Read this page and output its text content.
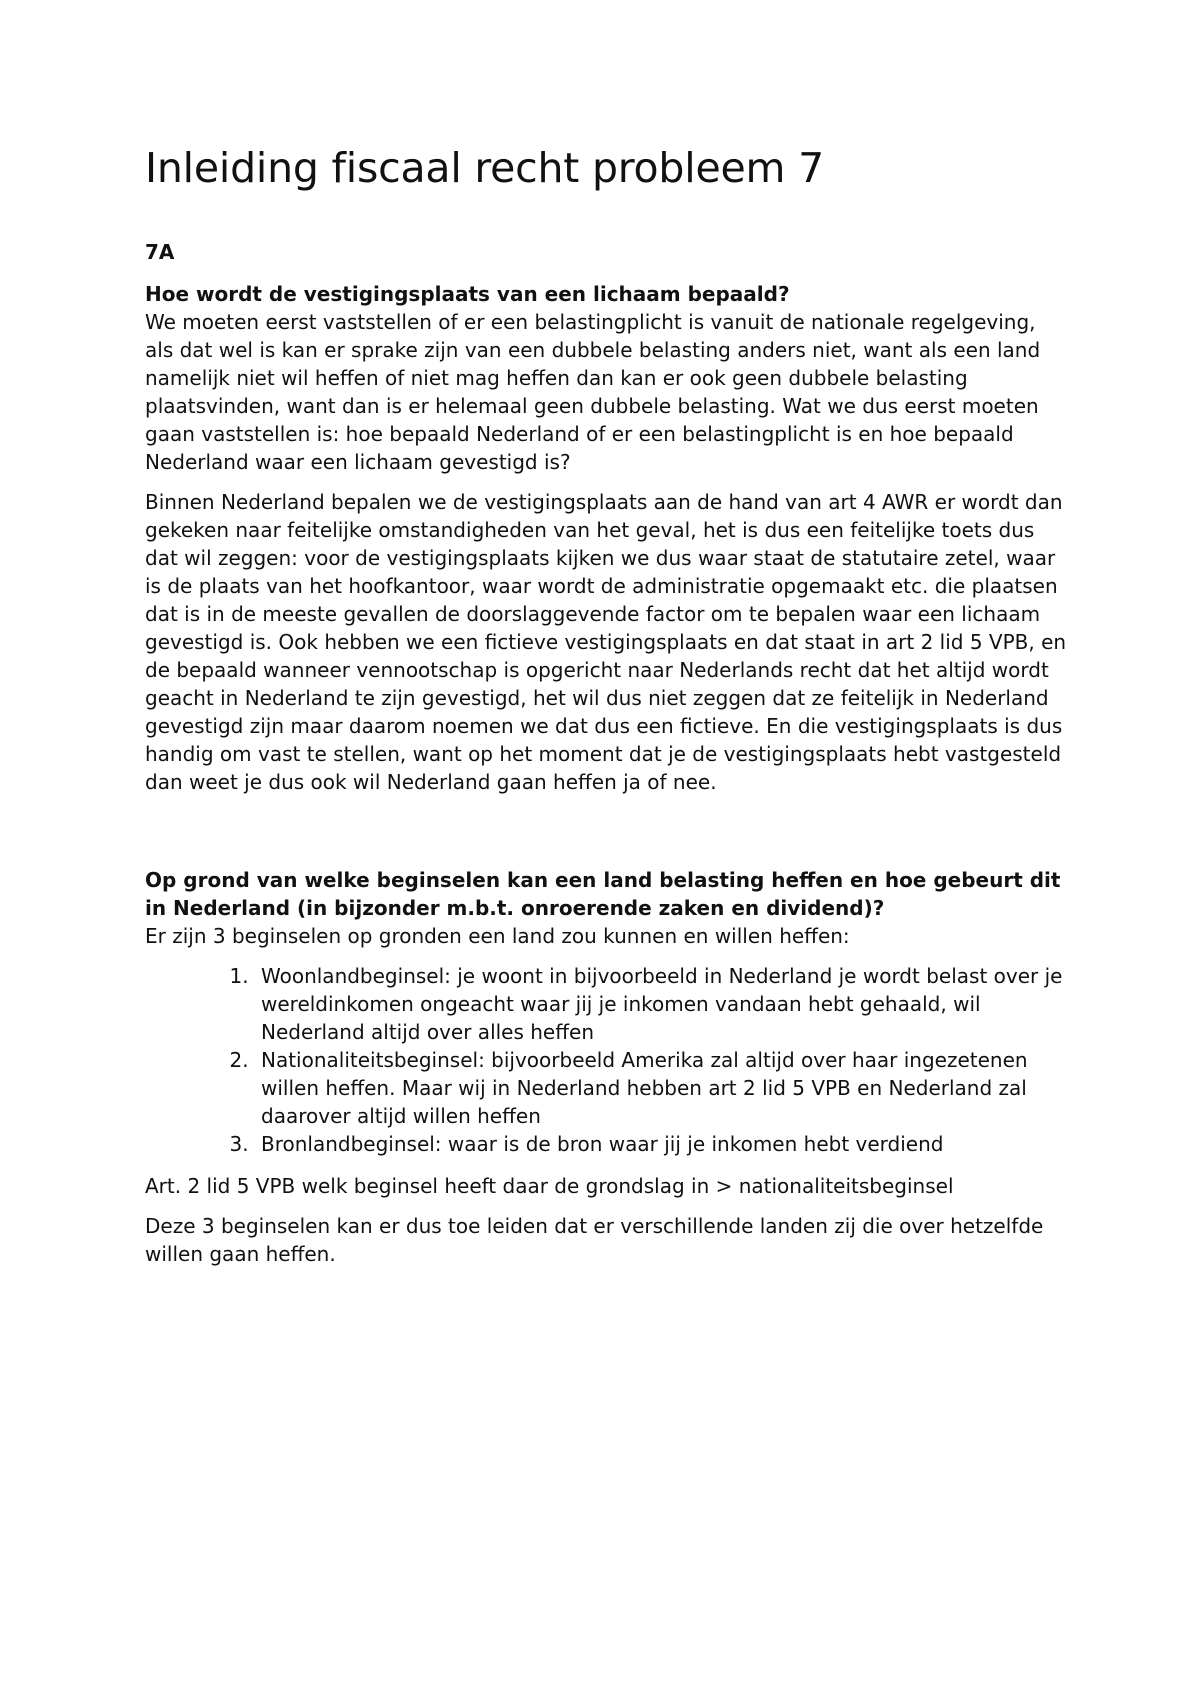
Inleiding fiscaal recht probleem 7
7A
Hoe wordt de vestigingsplaats van een lichaam bepaald?

We moeten eerst vaststellen of er een belastingplicht is vanuit de nationale regelgeving, als dat wel is kan er sprake zijn van een dubbele belasting anders niet, want als een land namelijk niet wil heffen of niet mag heffen dan kan er ook geen dubbele belasting plaatsvinden, want dan is er helemaal geen dubbele belasting. Wat we dus eerst moeten gaan vaststellen is: hoe bepaald Nederland of er een belastingplicht is en hoe bepaald Nederland waar een lichaam gevestigd is?

Binnen Nederland bepalen we de vestigingsplaats aan de hand van art 4 AWR er wordt dan gekeken naar feitelijke omstandigheden van het geval, het is dus een feitelijke toets dus dat wil zeggen: voor de vestigingsplaats kijken we dus waar staat de statutaire zetel, waar is de plaats van het hoofkantoor, waar wordt de administratie opgemaakt etc. die plaatsen dat is in de meeste gevallen de doorslaggevende factor om te bepalen waar een lichaam gevestigd is. Ook hebben we een fictieve vestigingsplaats en dat staat in art 2 lid 5 VPB, en de bepaald wanneer vennootschap is opgericht naar Nederlands recht dat het altijd wordt geacht in Nederland te zijn gevestigd, het wil dus niet zeggen dat ze feitelijk in Nederland gevestigd zijn maar daarom noemen we dat dus een fictieve. En die vestigingsplaats is dus handig om vast te stellen, want op het moment dat je de vestigingsplaats hebt vastgesteld dan weet je dus ook wil Nederland gaan heffen ja of nee.

Op grond van welke beginselen kan een land belasting heffen en hoe gebeurt dit in Nederland (in bijzonder m.b.t. onroerende zaken en dividend)?

Er zijn 3 beginselen op gronden een land zou kunnen en willen heffen:

1. Woonlandbeginsel: je woont in bijvoorbeeld in Nederland je wordt belast over je wereldinkomen ongeacht waar jij je inkomen vandaan hebt gehaald, wil Nederland altijd over alles heffen
2. Nationaliteitsbeginsel: bijvoorbeeld Amerika zal altijd over haar ingezetenen willen heffen. Maar wij in Nederland hebben art 2 lid 5 VPB en Nederland zal daarover altijd willen heffen
3. Bronlandbeginsel: waar is de bron waar jij je inkomen hebt verdiend

Art. 2 lid 5 VPB welk beginsel heeft daar de grondslag in > nationaliteitsbeginsel

Deze 3 beginselen kan er dus toe leiden dat er verschillende landen zij die over hetzelfde willen gaan heffen.
